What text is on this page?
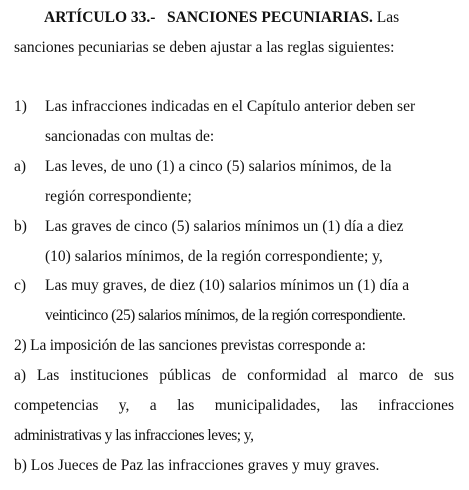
ARTÍCULO 33.- SANCIONES PECUNIARIAS. Las
sanciones pecuniarias se deben ajustar a las reglas siguientes:
1) Las infracciones indicadas en el Capítulo anterior deben ser
sancionadas con multas de:
a) Las leves, de uno (1) a cinco (5) salarios mínimos, de la
región correspondiente;
b) Las graves de cinco (5) salarios mínimos un (1) día a diez
(10) salarios mínimos, de la región correspondiente; y,
c) Las muy graves, de diez (10) salarios mínimos un (1) día a
veinticinco (25) salarios mínimos, de la región correspondiente.
2) La imposición de las sanciones previstas corresponde a:
a) Las instituciones públicas de conformidad al marco de sus
competencias y, a las municipalidades, las infracciones
administrativas y las infracciones leves; y,
b) Los Jueces de Paz las infracciones graves y muy graves.
